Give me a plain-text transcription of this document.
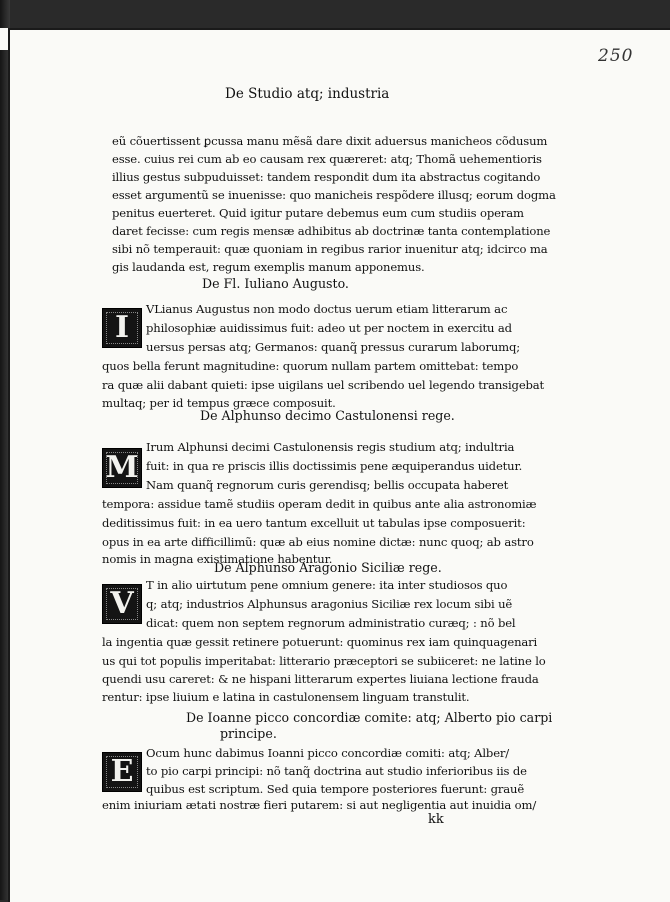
250
De Studio atq; industria
eũ cõuertissent ꝑcussa manu mẽsã dare dixit aduersus manicheos cõdusum
esse. cuius rei cum ab eo causam rex quæreret: atq; Thomã uehementioris
illius gestus subpuduisset: tandem respondit dum ita abstractus cogitando
esset argumentũ se inuenisse: quo manicheis respõdere illusq; eorum dogma
penitus euerteret. Quid igitur putare debemus eum cum studiis operam
daret fecisse: cum regis mensæ adhibitus ab doctrinæ tanta contemplatione
sibi nõ temperauit: quæ quoniam in regibus rarior inuenitur atq; idcirco ma
gis laudanda est, regum exemplis manum apponemus.
De Fl. Iuliano Augusto.
I
VLianus Augustus non modo doctus uerum etiam litterarum ac
philosophiæ auidissimus fuit: adeo ut per noctem in exercitu ad
uersus persas atq; Germanos: quanq̃ pressus curarum laborumq;
quos bella ferunt magnitudine: quorum nullam partem omittebat: tempo
ra quæ alii dabant quieti: ipse uigilans uel scribendo uel legendo transigebat
multaq; per id tempus græce composuit.
De Alphunso decimo Castulonensi rege.
M
Irum Alphunsi decimi Castulonensis regis studium atq; indultria
fuit: in qua re priscis illis doctissimis pene æquiperandus uidetur.
Nam quanq̃ regnorum curis gerendisq; bellis occupata haberet
tempora: assidue tamẽ studiis operam dedit in quibus ante alia astronomiæ
deditissimus fuit: in ea uero tantum excelluit ut tabulas ipse composuerit:
opus in ea arte difficillimũ: quæ ab eius nomine dictæ: nunc quoq; ab astro
nomis in magna existimatione habentur.
De Alphunso Aragonio Siciliæ rege.
V
T in alio uirtutum pene omnium genere: ita inter studiosos quo
q; atq; industrios Alphunsus aragonius Siciliæ rex locum sibi uẽ
dicat: quem non septem regnorum administratio curæq; : nõ bel
la ingentia quæ gessit retinere potuerunt: quominus rex iam quinquagenari
us qui tot populis imperitabat: litterario præceptori se subiiceret: ne latine lo
quendi usu careret: & ne hispani litterarum expertes liuiana lectione frauda
rentur: ipse liuium e latina in castulonensem linguam transtulit.
De Ioanne picco concordiæ comite: atq; Alberto pio carpi
principe.
E
Ocum hunc dabimus Ioanni picco concordiæ comiti: atq; Alber/
to pio carpi principi: nõ tanq̃ doctrina aut studio inferioribus iis de
quibus est scriptum. Sed quia tempore posteriores fuerunt: grauẽ
enim iniuriam ætati nostræ fieri putarem: si aut negligentia aut inuidia om/
kk
